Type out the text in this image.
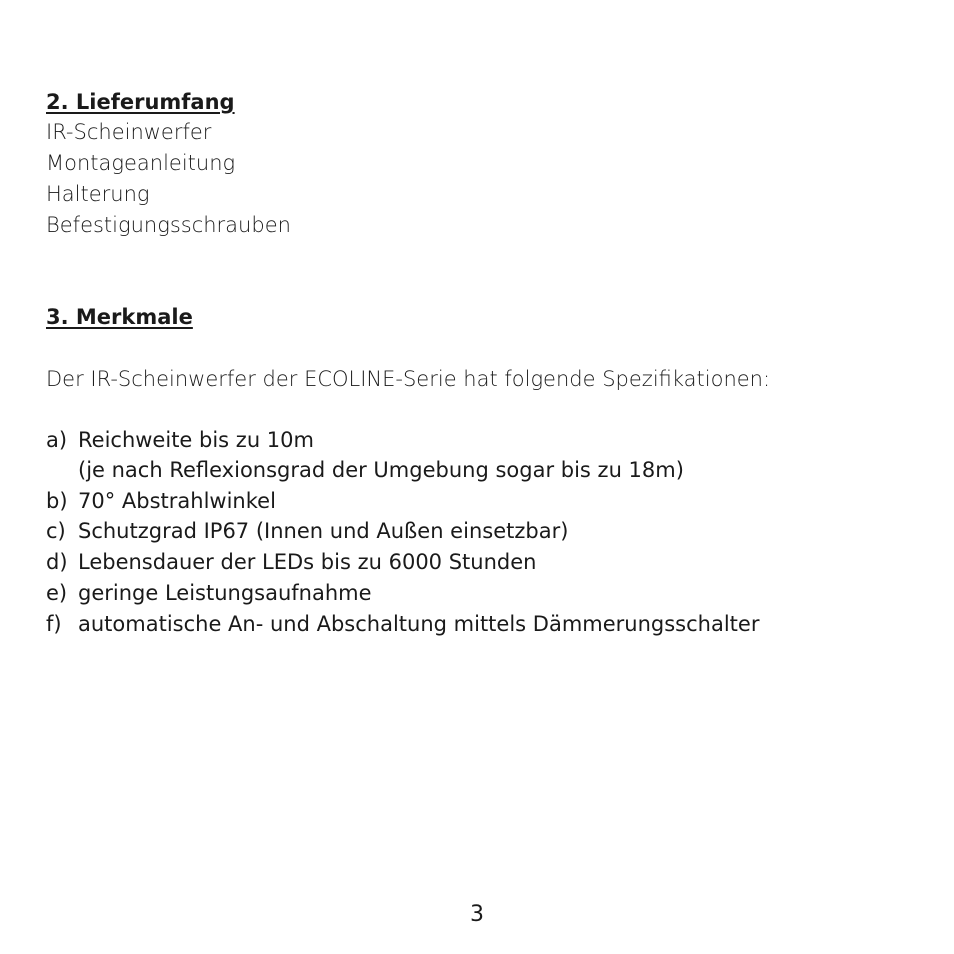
2. Lieferumfang
IR-Scheinwerfer
Montageanleitung
Halterung
Befestigungsschrauben
3. Merkmale
Der IR-Scheinwerfer der ECOLINE-Serie hat folgende Spezifikationen:
a) Reichweite bis zu 10m
(je nach Reflexionsgrad der Umgebung sogar bis zu 18m)
b) 70° Abstrahlwinkel
c) Schutzgrad IP67 (Innen und Außen einsetzbar)
d) Lebensdauer der LEDs bis zu 6000 Stunden
e) geringe Leistungsaufnahme
f) automatische An- und Abschaltung mittels Dämmerungsschalter
3
